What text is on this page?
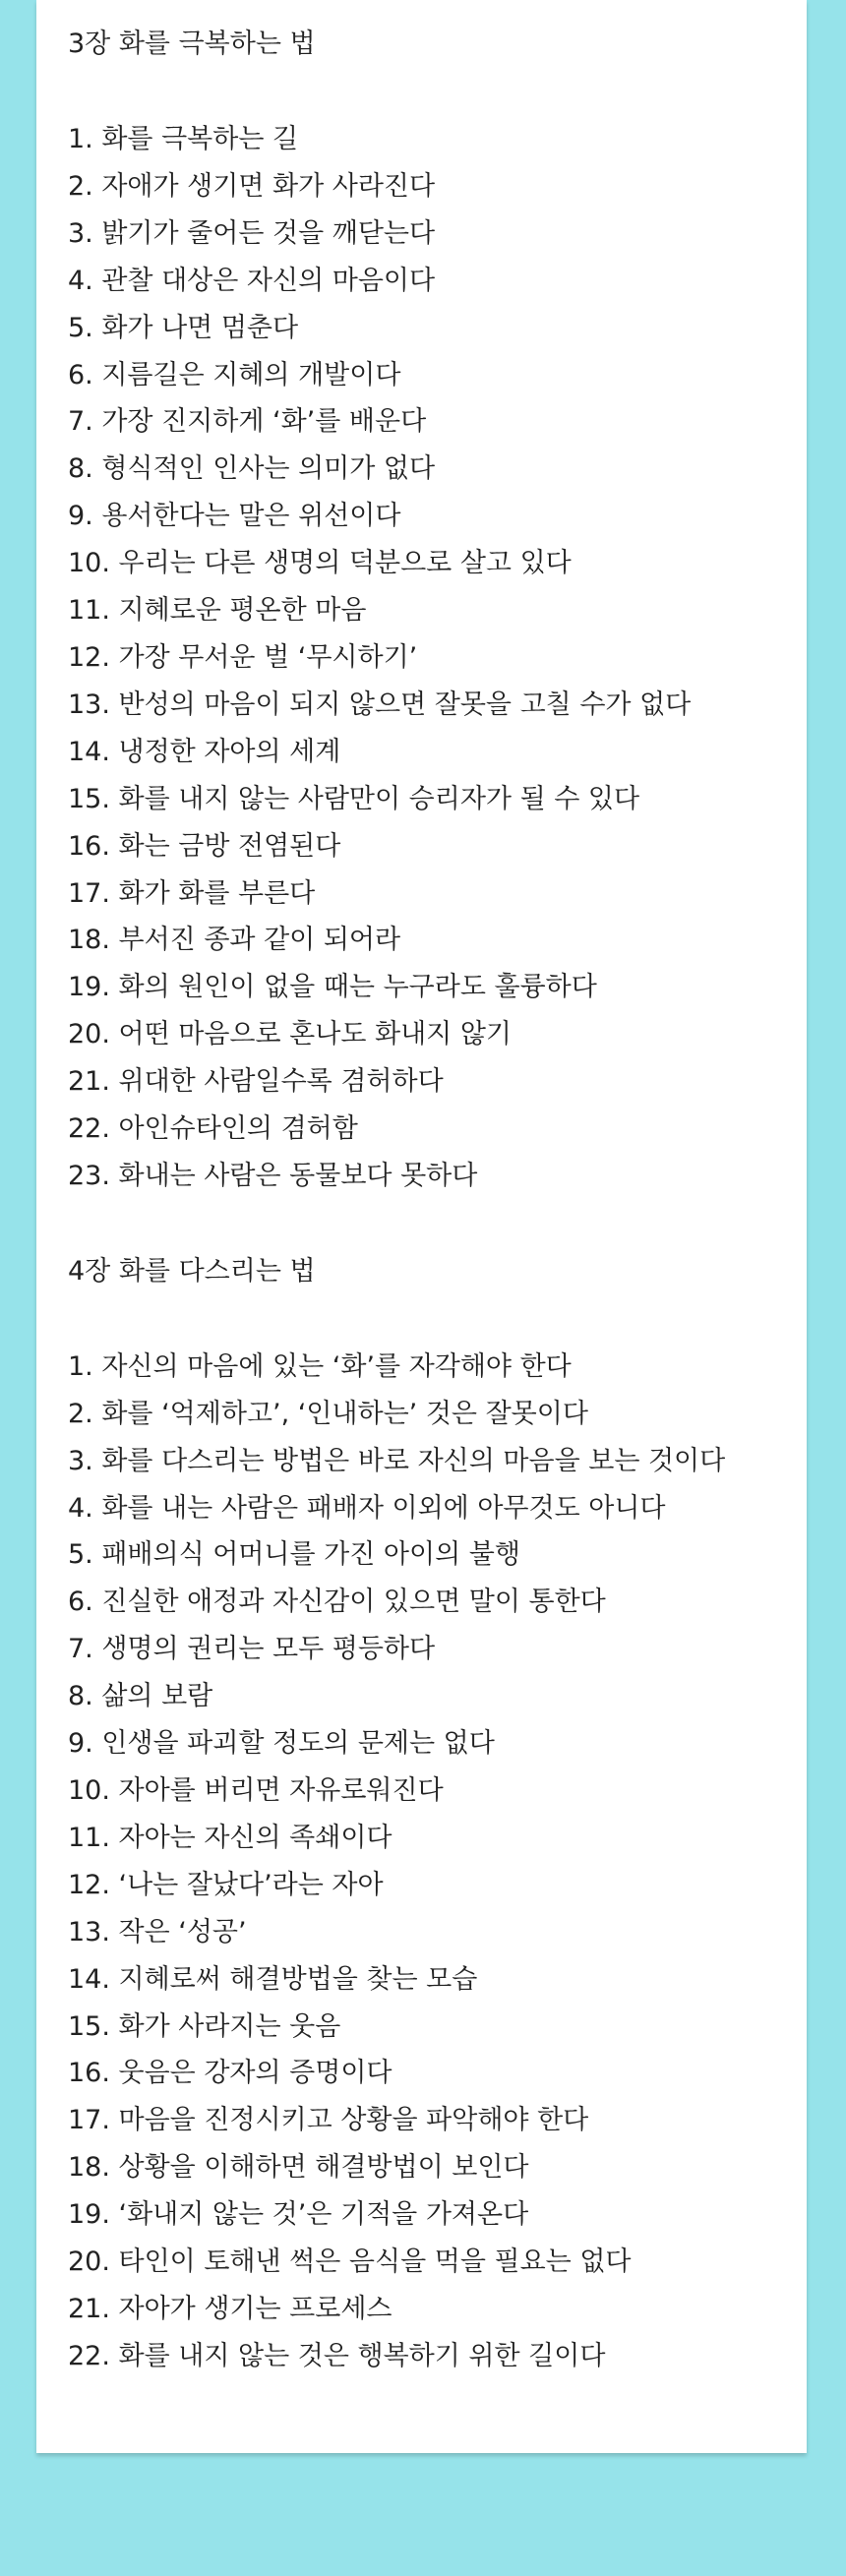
3장 화를 극복하는 법
1. 화를 극복하는 길
2. 자애가 생기면 화가 사라진다
3. 밝기가 줄어든 것을 깨닫는다
4. 관찰 대상은 자신의 마음이다
5. 화가 나면 멈춘다
6. 지름길은 지혜의 개발이다
7. 가장 진지하게 ‘화’를 배운다
8. 형식적인 인사는 의미가 없다
9. 용서한다는 말은 위선이다
10. 우리는 다른 생명의 덕분으로 살고 있다
11. 지혜로운 평온한 마음
12. 가장 무서운 벌 ‘무시하기’
13. 반성의 마음이 되지 않으면 잘못을 고칠 수가 없다
14. 냉정한 자아의 세계
15. 화를 내지 않는 사람만이 승리자가 될 수 있다
16. 화는 금방 전염된다
17. 화가 화를 부른다
18. 부서진 종과 같이 되어라
19. 화의 원인이 없을 때는 누구라도 훌륭하다
20. 어떤 마음으로 혼나도 화내지 않기
21. 위대한 사람일수록 겸허하다
22. 아인슈타인의 겸허함
23. 화내는 사람은 동물보다 못하다
4장 화를 다스리는 법
1. 자신의 마음에 있는 ‘화’를 자각해야 한다
2. 화를 ‘억제하고’, ‘인내하는’ 것은 잘못이다
3. 화를 다스리는 방법은 바로 자신의 마음을 보는 것이다
4. 화를 내는 사람은 패배자 이외에 아무것도 아니다
5. 패배의식 어머니를 가진 아이의 불행
6. 진실한 애정과 자신감이 있으면 말이 통한다
7. 생명의 권리는 모두 평등하다
8. 삶의 보람
9. 인생을 파괴할 정도의 문제는 없다
10. 자아를 버리면 자유로워진다
11. 자아는 자신의 족쇄이다
12. ‘나는 잘났다’라는 자아
13. 작은 ‘성공’
14. 지혜로써 해결방법을 찾는 모습
15. 화가 사라지는 웃음
16. 웃음은 강자의 증명이다
17. 마음을 진정시키고 상황을 파악해야 한다
18. 상황을 이해하면 해결방법이 보인다
19. ‘화내지 않는 것’은 기적을 가져온다
20. 타인이 토해낸 썩은 음식을 먹을 필요는 없다
21. 자아가 생기는 프로세스
22. 화를 내지 않는 것은 행복하기 위한 길이다
